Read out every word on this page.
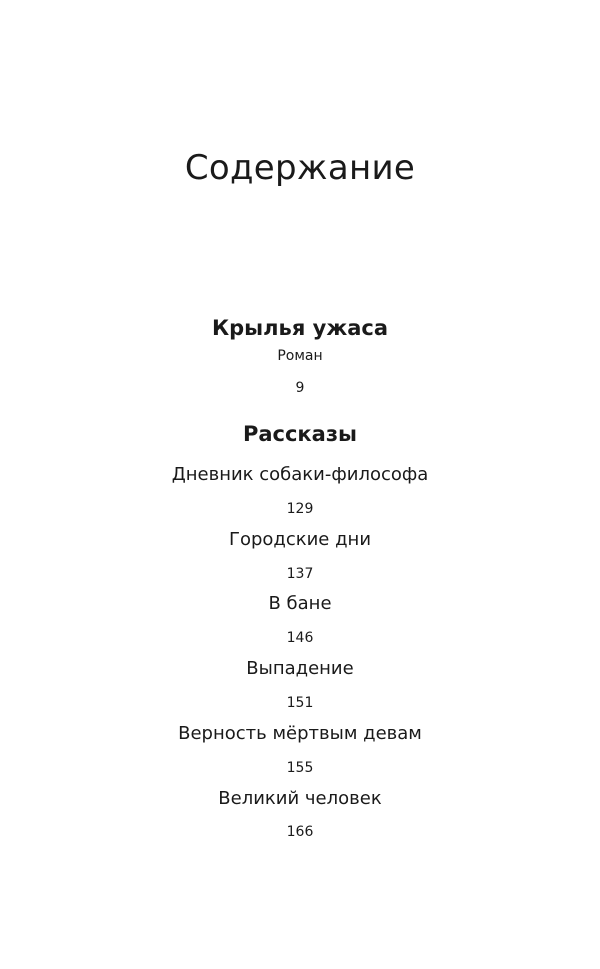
Содержание
Крылья ужаса
Роман
9
Рассказы
Дневник собаки-философа
129
Городские дни
137
В бане
146
Выпадение
151
Верность мёртвым девам
155
Великий человек
166
